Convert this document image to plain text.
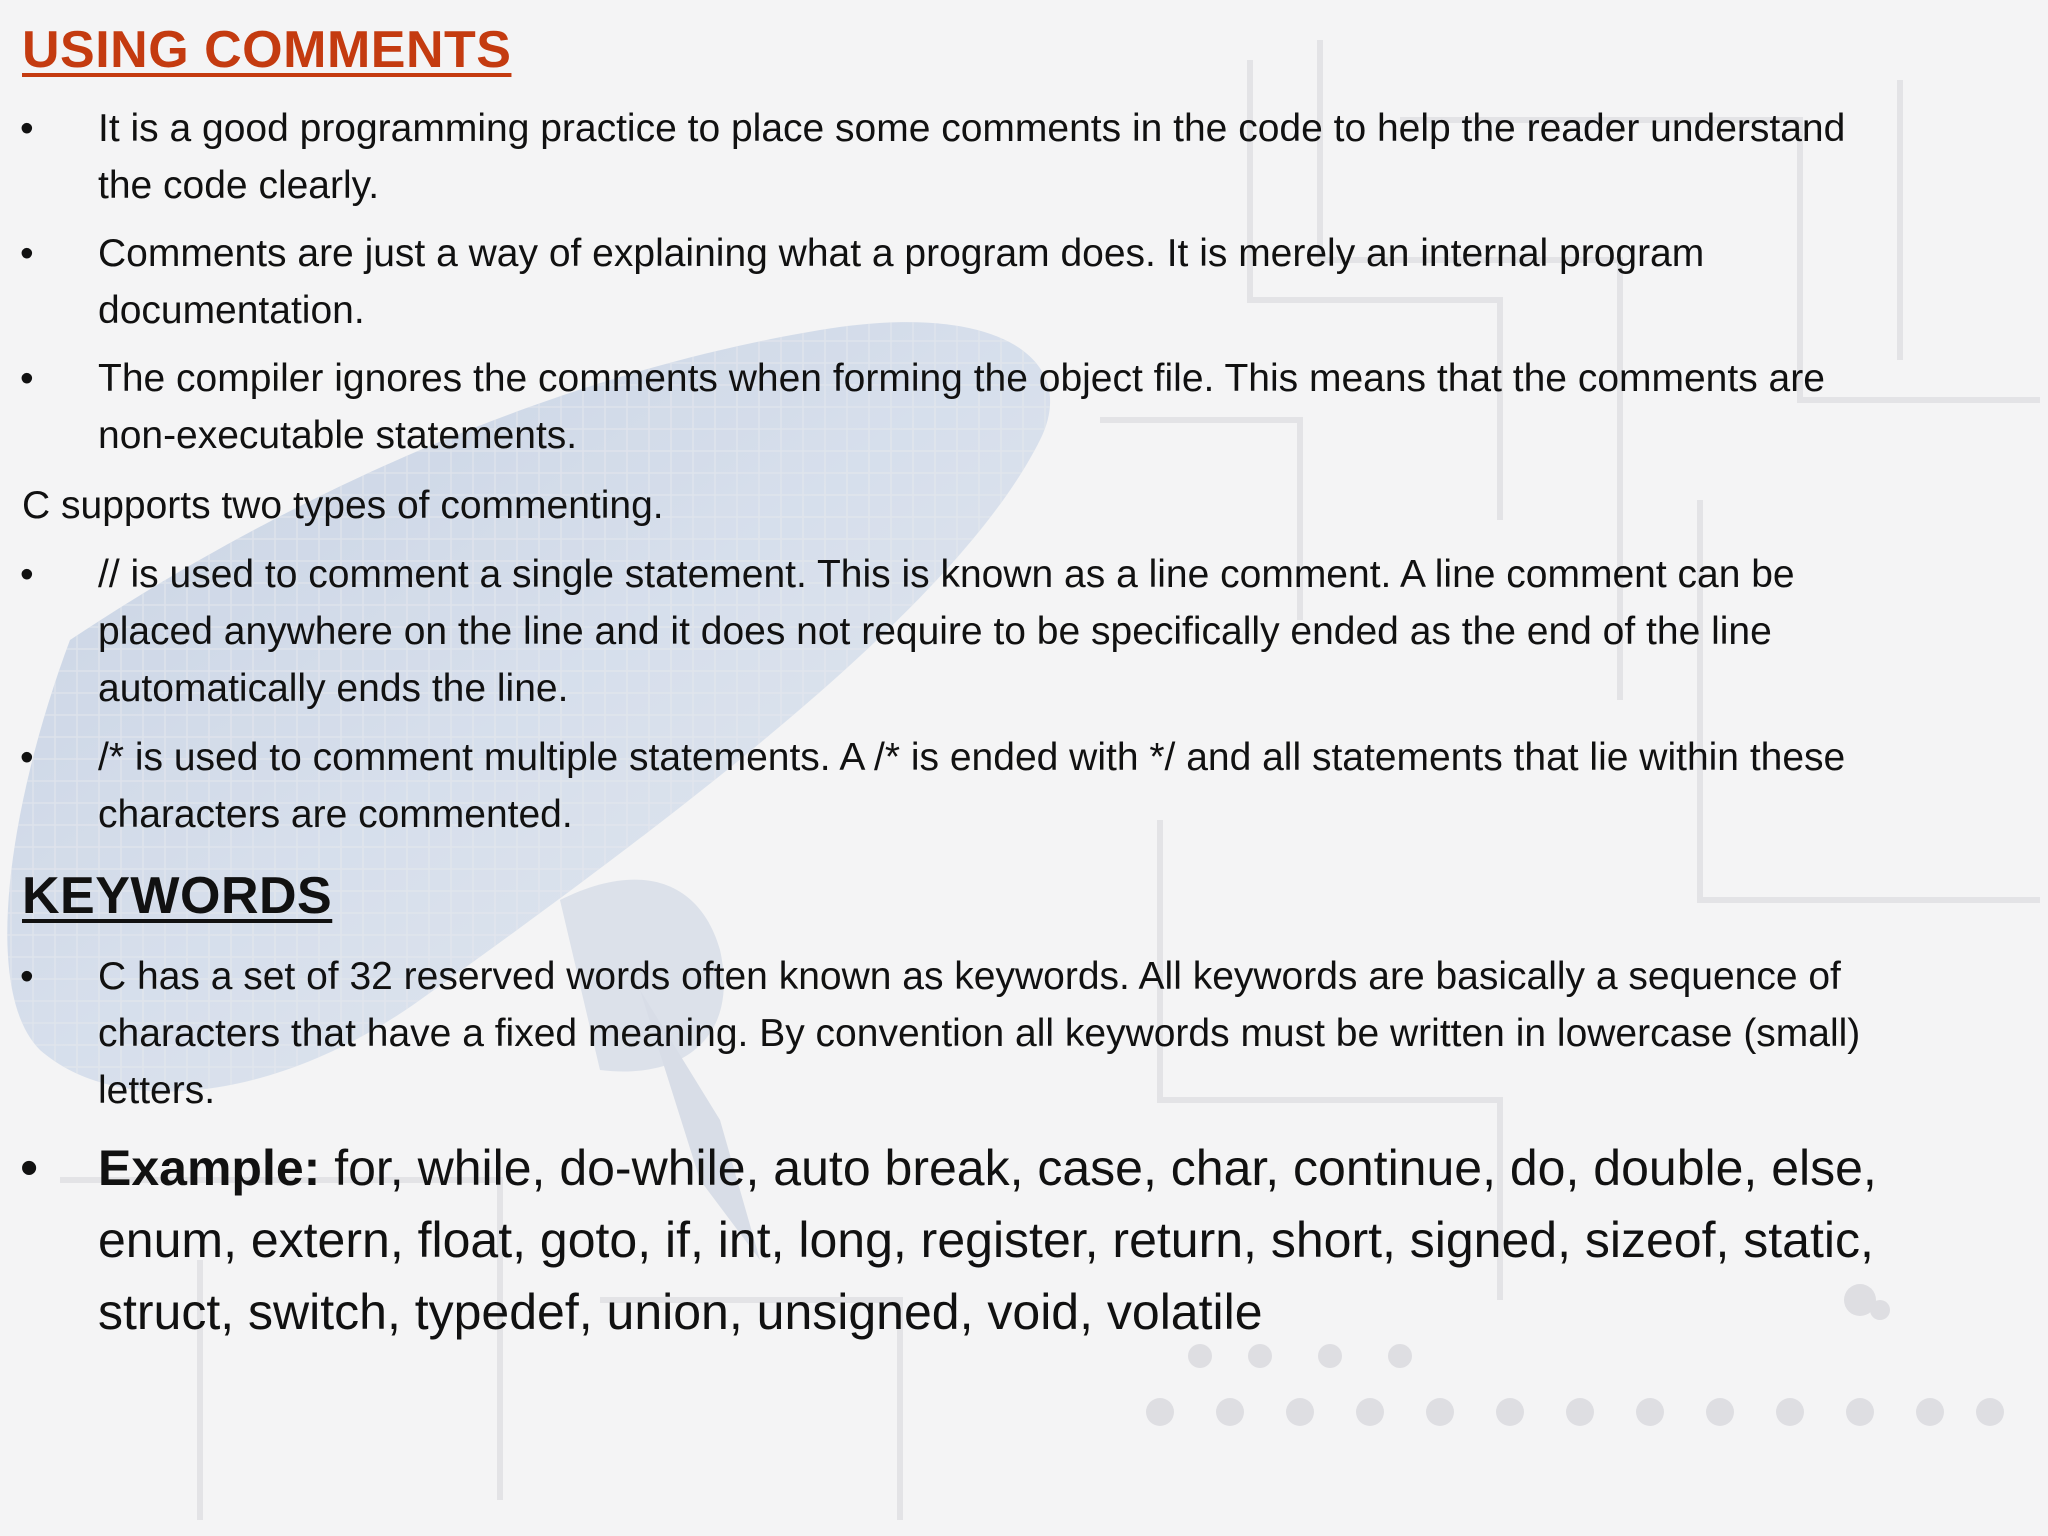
USING COMMENTS
•	It is a good programming practice to place some comments in the code to help the reader understand
the code clearly.
•	Comments are just a way of explaining what a program does. It is merely an internal program
documentation.
•	The compiler ignores the comments when forming the object file. This means that the comments are
non-executable statements.
C supports two types of commenting.
•	// is used to comment a single statement. This is known as a line comment. A line comment can be
placed anywhere on the line and it does not require to be specifically ended as the end of the line
automatically ends the line.
•	/* is used to comment multiple statements. A /* is ended with */ and all statements that lie within these
characters are commented.
KEYWORDS
•	C has a set of 32 reserved words often known as keywords. All keywords are basically a sequence of
characters that have a fixed meaning. By convention all keywords must be written in lowercase (small)
letters.
• Example: for, while, do-while, auto break, case, char, continue, do, double, else,
enum, extern, float, goto, if, int, long, register, return, short, signed, sizeof, static,
struct, switch, typedef, union, unsigned, void, volatile
